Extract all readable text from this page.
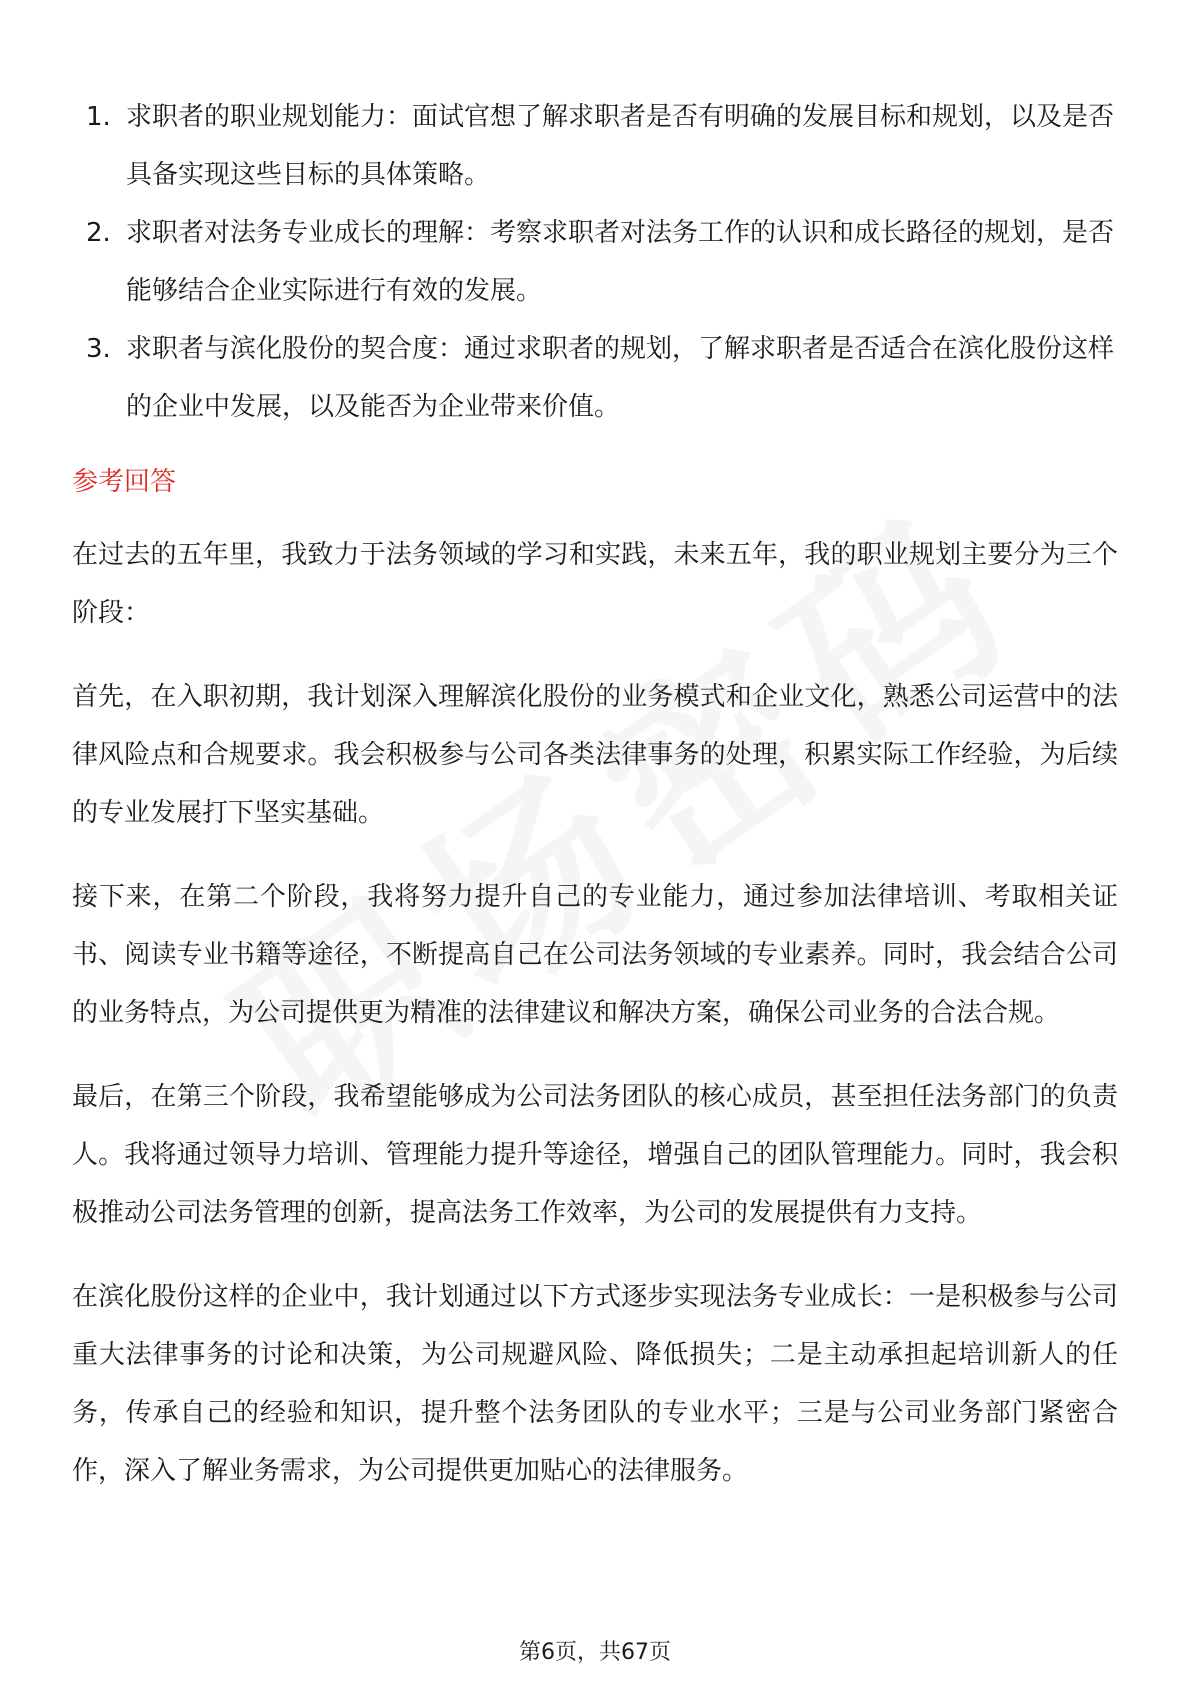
1. 求职者的职业规划能力：面试官想了解求职者是否有明确的发展目标和规划，以及是否具备实现这些目标的具体策略。
2. 求职者对法务专业成长的理解：考察求职者对法务工作的认识和成长路径的规划，是否能够结合企业实际进行有效的发展。
3. 求职者与滨化股份的契合度：通过求职者的规划，了解求职者是否适合在滨化股份这样的企业中发展，以及能否为企业带来价值。
参考回答

在过去的五年里，我致力于法务领域的学习和实践，未来五年，我的职业规划主要分为三个阶段：

首先，在入职初期，我计划深入理解滨化股份的业务模式和企业文化，熟悉公司运营中的法律风险点和合规要求。我会积极参与公司各类法律事务的处理，积累实际工作经验，为后续的专业发展打下坚实基础。

接下来，在第二个阶段，我将努力提升自己的专业能力，通过参加法律培训、考取相关证书、阅读专业书籍等途径，不断提高自己在公司法务领域的专业素养。同时，我会结合公司的业务特点，为公司提供更为精准的法律建议和解决方案，确保公司业务的合法合规。

最后，在第三个阶段，我希望能够成为公司法务团队的核心成员，甚至担任法务部门的负责人。我将通过领导力培训、管理能力提升等途径，增强自己的团队管理能力。同时，我会积极推动公司法务管理的创新，提高法务工作效率，为公司的发展提供有力支持。

在滨化股份这样的企业中，我计划通过以下方式逐步实现法务专业成长：一是积极参与公司重大法律事务的讨论和决策，为公司规避风险、降低损失；二是主动承担起培训新人的任务，传承自己的经验和知识，提升整个法务团队的专业水平；三是与公司业务部门紧密合作，深入了解业务需求，为公司提供更加贴心的法律服务。

第6页，共67页
